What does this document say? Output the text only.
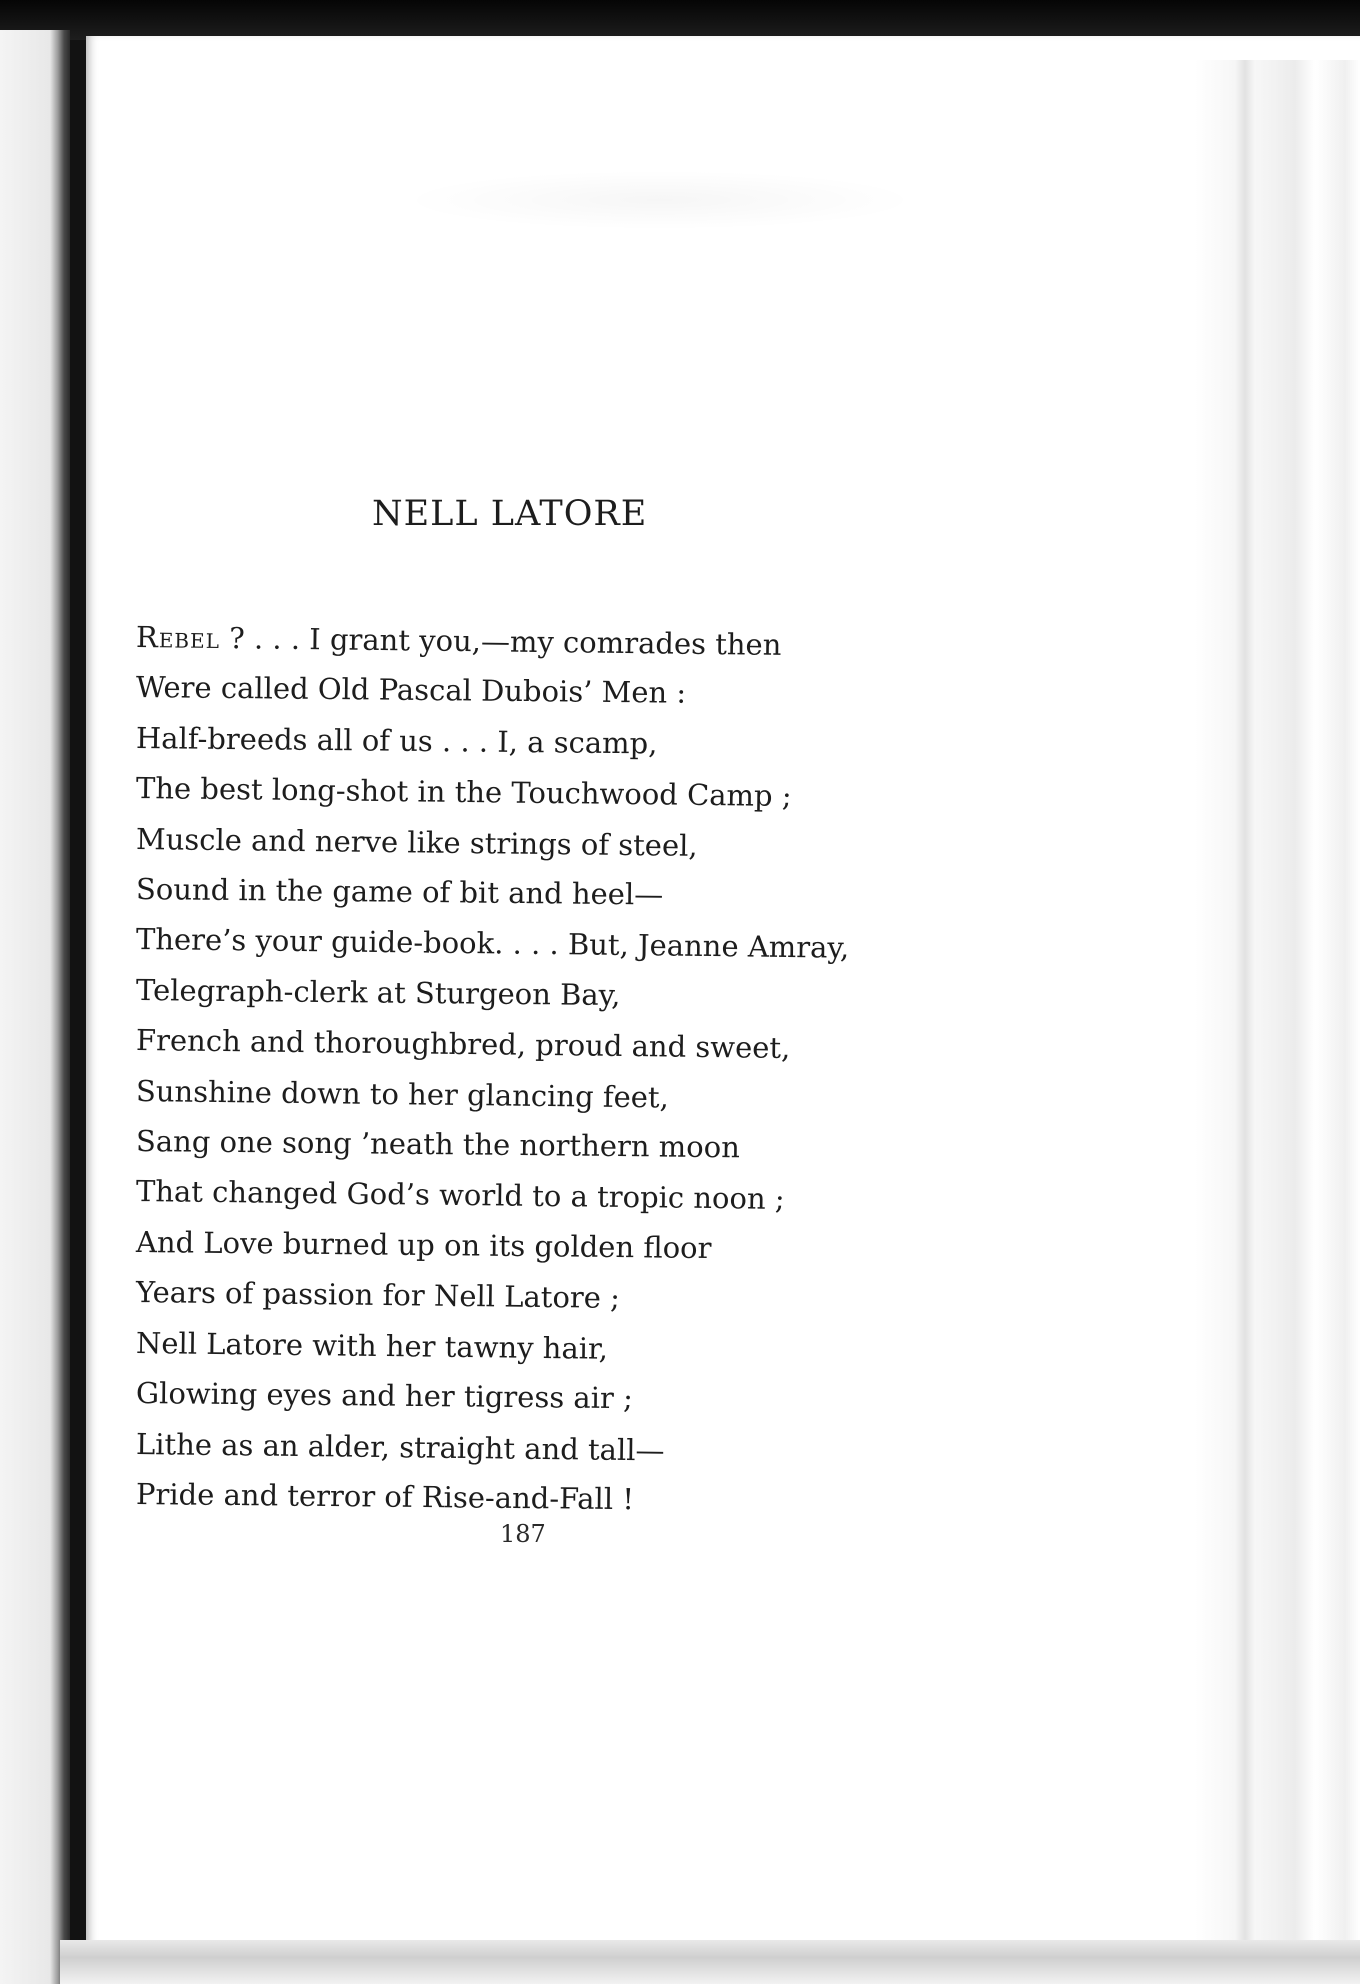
NELL LATORE
Rebel ? . . . I grant you,—my comrades then
Were called Old Pascal Dubois’ Men :
Half-breeds all of us . . . I, a scamp,
The best long-shot in the Touchwood Camp ;
Muscle and nerve like strings of steel,
Sound in the game of bit and heel—
There’s your guide-book. . . . But, Jeanne Amray,
Telegraph-clerk at Sturgeon Bay,
French and thoroughbred, proud and sweet,
Sunshine down to her glancing feet,
Sang one song ’neath the northern moon
That changed God’s world to a tropic noon ;
And Love burned up on its golden floor
Years of passion for Nell Latore ;
Nell Latore with her tawny hair,
Glowing eyes and her tigress air ;
Lithe as an alder, straight and tall—
Pride and terror of Rise-and-Fall !
187
